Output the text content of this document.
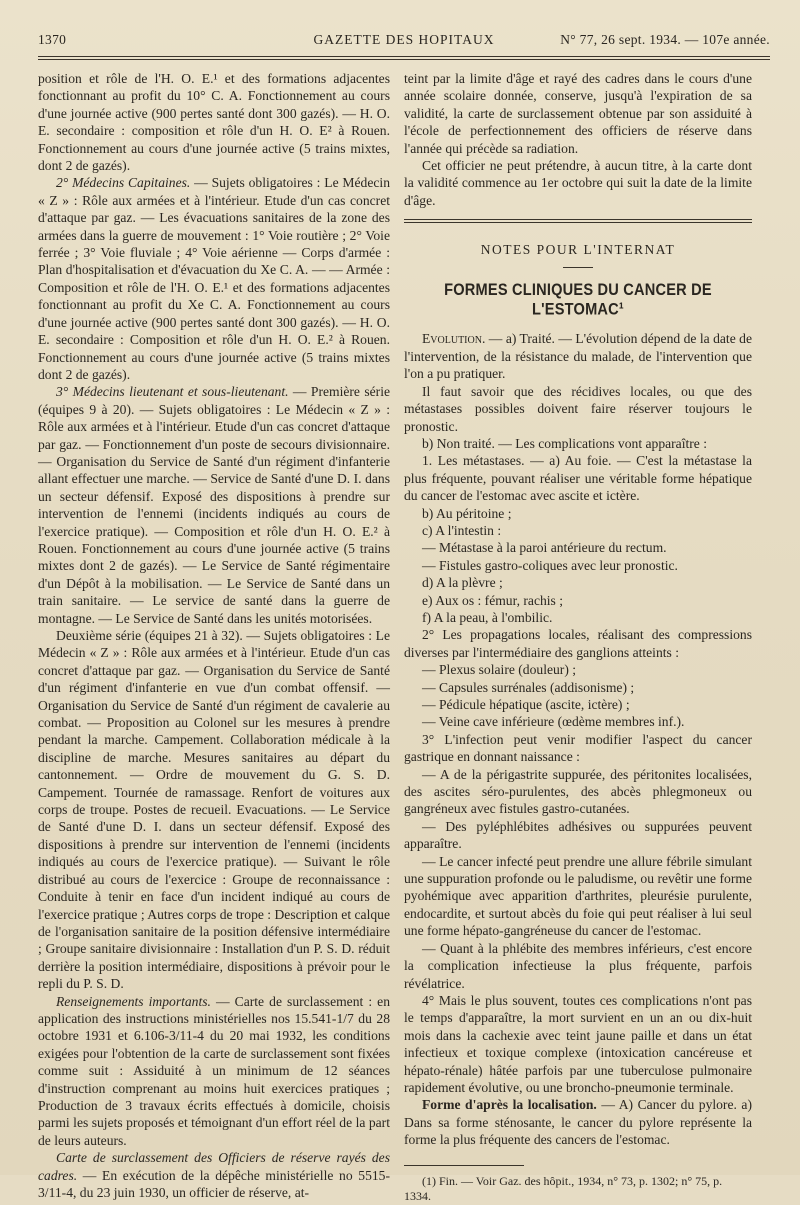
1370	GAZETTE DES HOPITAUX	N° 77, 26 sept. 1934. — 107e année.

position et rôle de l'H. O. E.¹ et des formations adjacentes fonctionnant au profit du 10° C. A. Fonctionnement au cours d'une journée active (900 pertes santé dont 300 gazés). — H. O. E. secondaire : composition et rôle d'un H. O. E² à Rouen. Fonctionnement au cours d'une journée active (5 trains mixtes, dont 2 de gazés).

2° Médecins Capitaines. — Sujets obligatoires : Le Médecin « Z » : Rôle aux armées et à l'intérieur. Etude d'un cas concret d'attaque par gaz. — Les évacuations sanitaires de la zone des armées dans la guerre de mouvement : 1° Voie routière ; 2° Voie ferrée ; 3° Voie fluviale ; 4° Voie aérienne — Corps d'armée : Plan d'hospitalisation et d'évacuation du Xe C. A. — — Armée : Composition et rôle de l'H. O. E.¹ et des formations adjacentes fonctionnant au profit du Xe C. A. Fonctionnement au cours d'une journée active (900 pertes santé dont 300 gazés). — H. O. E. secondaire : Composition et rôle d'un H. O. E.² à Rouen. Fonctionnement au cours d'une journée active (5 trains mixtes dont 2 de gazés).

3° Médecins lieutenant et sous-lieutenant. — Première série (équipes 9 à 20). — Sujets obligatoires : Le Médecin « Z » : Rôle aux armées et à l'intérieur. Etude d'un cas concret d'attaque par gaz. — Fonctionnement d'un poste de secours divisionnaire. — Organisation du Service de Santé d'un régiment d'infanterie allant effectuer une marche. — Service de Santé d'une D. I. dans un secteur défensif. Exposé des dispositions à prendre sur intervention de l'ennemi (incidents indiqués au cours de l'exercice pratique). — Composition et rôle d'un H. O. E.² à Rouen. Fonctionnement au cours d'une journée active (5 trains mixtes dont 2 de gazés). — Le Service de Santé régimentaire d'un Dépôt à la mobilisation. — Le Service de Santé dans un train sanitaire. — Le service de santé dans la guerre de montagne. — Le Service de Santé dans les unités motorisées.

Deuxième série (équipes 21 à 32). — Sujets obligatoires : Le Médecin « Z » : Rôle aux armées et à l'intérieur. Etude d'un cas concret d'attaque par gaz. — Organisation du Service de Santé d'un régiment d'infanterie en vue d'un combat offensif. — Organisation du Service de Santé d'un régiment de cavalerie au combat. — Proposition au Colonel sur les mesures à prendre pendant la marche. Campement. Collaboration médicale à la discipline de marche. Mesures sanitaires au départ du cantonnement. — Ordre de mouvement du G. S. D. Campement. Tournée de ramassage. Renfort de voitures aux corps de troupe. Postes de recueil. Evacuations. — Le Service de Santé d'une D. I. dans un secteur défensif. Exposé des dispositions à prendre sur intervention de l'ennemi (incidents indiqués au cours de l'exercice pratique). — Suivant le rôle distribué au cours de l'exercice : Groupe de reconnaissance : Conduite à tenir en face d'un incident indiqué au cours de l'exercice pratique ; Autres corps de trope : Description et calque de l'organisation sanitaire de la position défensive intermédiaire ; Groupe sanitaire divisionnaire : Installation d'un P. S. D. réduit derrière la position intermédiaire, dispositions à prévoir pour le repli du P. S. D.

Renseignements importants. — Carte de surclassement : en application des instructions ministérielles nos 15.541-1/7 du 28 octobre 1931 et 6.106-3/11-4 du 20 mai 1932, les conditions exigées pour l'obtention de la carte de surclassement sont fixées comme suit : Assiduité à un minimum de 12 séances d'instruction comprenant au moins huit exercices pratiques ; Production de 3 travaux écrits effectués à domicile, choisis parmi les sujets proposés et témoignant d'un effort réel de la part de leurs auteurs.

Carte de surclassement des Officiers de réserve rayés des cadres. — En exécution de la dépêche ministérielle no 5515-3/11-4, du 23 juin 1930, un officier de réserve, at-

teint par la limite d'âge et rayé des cadres dans le cours d'une année scolaire donnée, conserve, jusqu'à l'expiration de sa validité, la carte de surclassement obtenue par son assiduité à l'école de perfectionnement des officiers de réserve dans l'année qui précède sa radiation.

Cet officier ne peut prétendre, à aucun titre, à la carte dont la validité commence au 1er octobre qui suit la date de la limite d'âge.

NOTES POUR L'INTERNAT
FORMES CLINIQUES DU CANCER DE L'ESTOMAC¹

Evolution. — a) Traité. — L'évolution dépend de la date de l'intervention, de la résistance du malade, de l'intervention que l'on a pu pratiquer.

Il faut savoir que des récidives locales, ou que des métastases possibles doivent faire réserver toujours le pronostic.

b) Non traité. — Les complications vont apparaître :

1. Les métastases. — a) Au foie. — C'est la métastase la plus fréquente, pouvant réaliser une véritable forme hépatique du cancer de l'estomac avec ascite et ictère.

b) Au péritoine ;

c) A l'intestin :

— Métastase à la paroi antérieure du rectum.

— Fistules gastro-coliques avec leur pronostic.

d) A la plèvre ;

e) Aux os : fémur, rachis ;

f) A la peau, à l'ombilic.

2° Les propagations locales, réalisant des compressions diverses par l'intermédiaire des ganglions atteints :

— Plexus solaire (douleur) ;

— Capsules surrénales (addisonisme) ;

— Pédicule hépatique (ascite, ictère) ;

— Veine cave inférieure (œdème membres inf.).

3° L'infection peut venir modifier l'aspect du cancer gastrique en donnant naissance :

— A de la périgastrite suppurée, des péritonites localisées, des ascites séro-purulentes, des abcès phlegmoneux ou gangréneux avec fistules gastro-cutanées.

— Des pyléphlébites adhésives ou suppurées peuvent apparaître.

— Le cancer infecté peut prendre une allure fébrile simulant une suppuration profonde ou le paludisme, ou revêtir une forme pyohémique avec apparition d'arthrites, pleurésie purulente, endocardite, et surtout abcès du foie qui peut réaliser à lui seul une forme hépato-gangréneuse du cancer de l'estomac.

— Quant à la phlébite des membres inférieurs, c'est encore la complication infectieuse la plus fréquente, parfois révélatrice.

4° Mais le plus souvent, toutes ces complications n'ont pas le temps d'apparaître, la mort survient en un an ou dix-huit mois dans la cachexie avec teint jaune paille et dans un état infectieux et toxique complexe (intoxication cancéreuse et hépato-rénale) hâtée parfois par une tuberculose pulmonaire rapidement évolutive, ou une broncho-pneumonie terminale.

Forme d'après la localisation. — A) Cancer du pylore. a) Dans sa forme sténosante, le cancer du pylore représente la forme la plus fréquente des cancers de l'estomac.

(1) Fin. — Voir Gaz. des hôpit., 1934, n° 73, p. 1302; n° 75, p. 1334.
